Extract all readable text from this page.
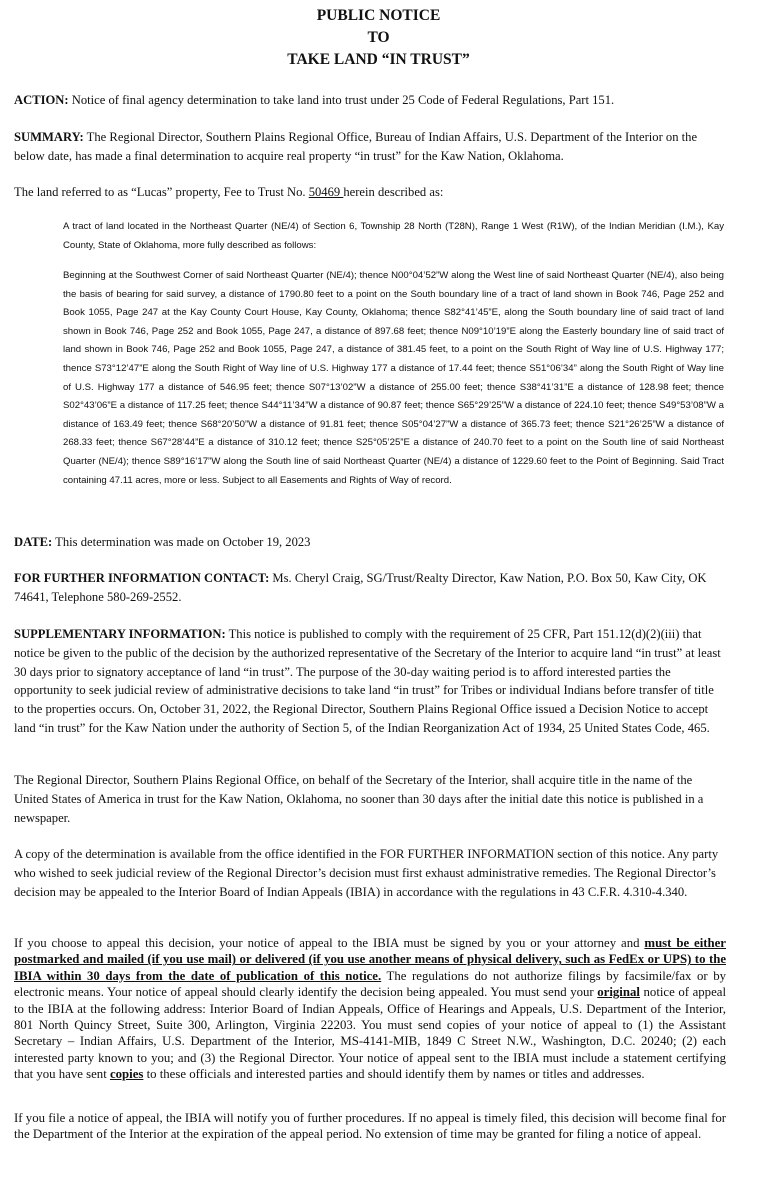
PUBLIC NOTICE
TO
TAKE LAND “IN TRUST”

ACTION: Notice of final agency determination to take land into trust under 25 Code of Federal Regulations, Part 151.

SUMMARY: The Regional Director, Southern Plains Regional Office, Bureau of Indian Affairs, U.S. Department of the Interior on the below date, has made a final determination to acquire real property “in trust” for the Kaw Nation, Oklahoma.

The land referred to as “Lucas” property, Fee to Trust No. 50469 herein described as:

A tract of land located in the Northeast Quarter (NE/4) of Section 6, Township 28 North (T28N), Range 1 West (R1W), of the Indian Meridian (I.M.), Kay County, State of Oklahoma, more fully described as follows:

Beginning at the Southwest Corner of said Northeast Quarter (NE/4); thence N00°04’52”W along the West line of said Northeast Quarter (NE/4), also being the basis of bearing for said survey, a distance of 1790.80 feet to a point on the South boundary line of a tract of land shown in Book 746, Page 252 and Book 1055, Page 247 at the Kay County Court House, Kay County, Oklahoma; thence S82°41’45”E, along the South boundary line of said tract of land shown in Book 746, Page 252 and Book 1055, Page 247, a distance of 897.68 feet; thence N09°10’19”E along the Easterly boundary line of said tract of land shown in Book 746, Page 252 and Book 1055, Page 247, a distance of 381.45 feet, to a point on the South Right of Way line of U.S. Highway 177; thence S73°12’47”E along the South Right of Way line of U.S. Highway 177 a distance of 17.44 feet; thence S51°06’34” along the South Right of Way line of U.S. Highway 177 a distance of 546.95 feet; thence S07°13’02”W a distance of 255.00 feet; thence S38°41’31”E a distance of 128.98 feet; thence S02°43’06”E a distance of 117.25 feet; thence S44°11’34”W a distance of 90.87 feet; thence S65°29’25”W a distance of 224.10 feet; thence S49°53’08”W a distance of 163.49 feet; thence S68°20’50”W a distance of 91.81 feet; thence S05°04’27”W a distance of 365.73 feet; thence S21°26’25”W a distance of 268.33 feet; thence S67°28’44”E a distance of 310.12 feet; thence S25°05’25”E a distance of 240.70 feet to a point on the South line of said Northeast Quarter (NE/4); thence S89°16’17”W along the South line of said Northeast Quarter (NE/4) a distance of 1229.60 feet to the Point of Beginning. Said Tract containing 47.11 acres, more or less. Subject to all Easements and Rights of Way of record.

DATE: This determination was made on October 19, 2023

FOR FURTHER INFORMATION CONTACT: Ms. Cheryl Craig, SG/Trust/Realty Director, Kaw Nation, P.O. Box 50, Kaw City, OK 74641, Telephone 580-269-2552.

SUPPLEMENTARY INFORMATION: This notice is published to comply with the requirement of 25 CFR, Part 151.12(d)(2)(iii) that notice be given to the public of the decision by the authorized representative of the Secretary of the Interior to acquire land “in trust” at least 30 days prior to signatory acceptance of land “in trust”. The purpose of the 30-day waiting period is to afford interested parties the opportunity to seek judicial review of administrative decisions to take land “in trust” for Tribes or individual Indians before transfer of title to the properties occurs. On, October 31, 2022, the Regional Director, Southern Plains Regional Office issued a Decision Notice to accept land “in trust” for the Kaw Nation under the authority of Section 5, of the Indian Reorganization Act of 1934, 25 United States Code, 465.

The Regional Director, Southern Plains Regional Office, on behalf of the Secretary of the Interior, shall acquire title in the name of the United States of America in trust for the Kaw Nation, Oklahoma, no sooner than 30 days after the initial date this notice is published in a newspaper.

A copy of the determination is available from the office identified in the FOR FURTHER INFORMATION section of this notice. Any party who wished to seek judicial review of the Regional Director’s decision must first exhaust administrative remedies. The Regional Director’s decision may be appealed to the Interior Board of Indian Appeals (IBIA) in accordance with the regulations in 43 C.F.R. 4.310-4.340.

If you choose to appeal this decision, your notice of appeal to the IBIA must be signed by you or your attorney and must be either postmarked and mailed (if you use mail) or delivered (if you use another means of physical delivery, such as FedEx or UPS) to the IBIA within 30 days from the date of publication of this notice. The regulations do not authorize filings by facsimile/fax or by electronic means. Your notice of appeal should clearly identify the decision being appealed. You must send your original notice of appeal to the IBIA at the following address: Interior Board of Indian Appeals, Office of Hearings and Appeals, U.S. Department of the Interior, 801 North Quincy Street, Suite 300, Arlington, Virginia 22203. You must send copies of your notice of appeal to (1) the Assistant Secretary – Indian Affairs, U.S. Department of the Interior, MS-4141-MIB, 1849 C Street N.W., Washington, D.C. 20240; (2) each interested party known to you; and (3) the Regional Director. Your notice of appeal sent to the IBIA must include a statement certifying that you have sent copies to these officials and interested parties and should identify them by names or titles and addresses.

If you file a notice of appeal, the IBIA will notify you of further procedures. If no appeal is timely filed, this decision will become final for the Department of the Interior at the expiration of the appeal period. No extension of time may be granted for filing a notice of appeal.
